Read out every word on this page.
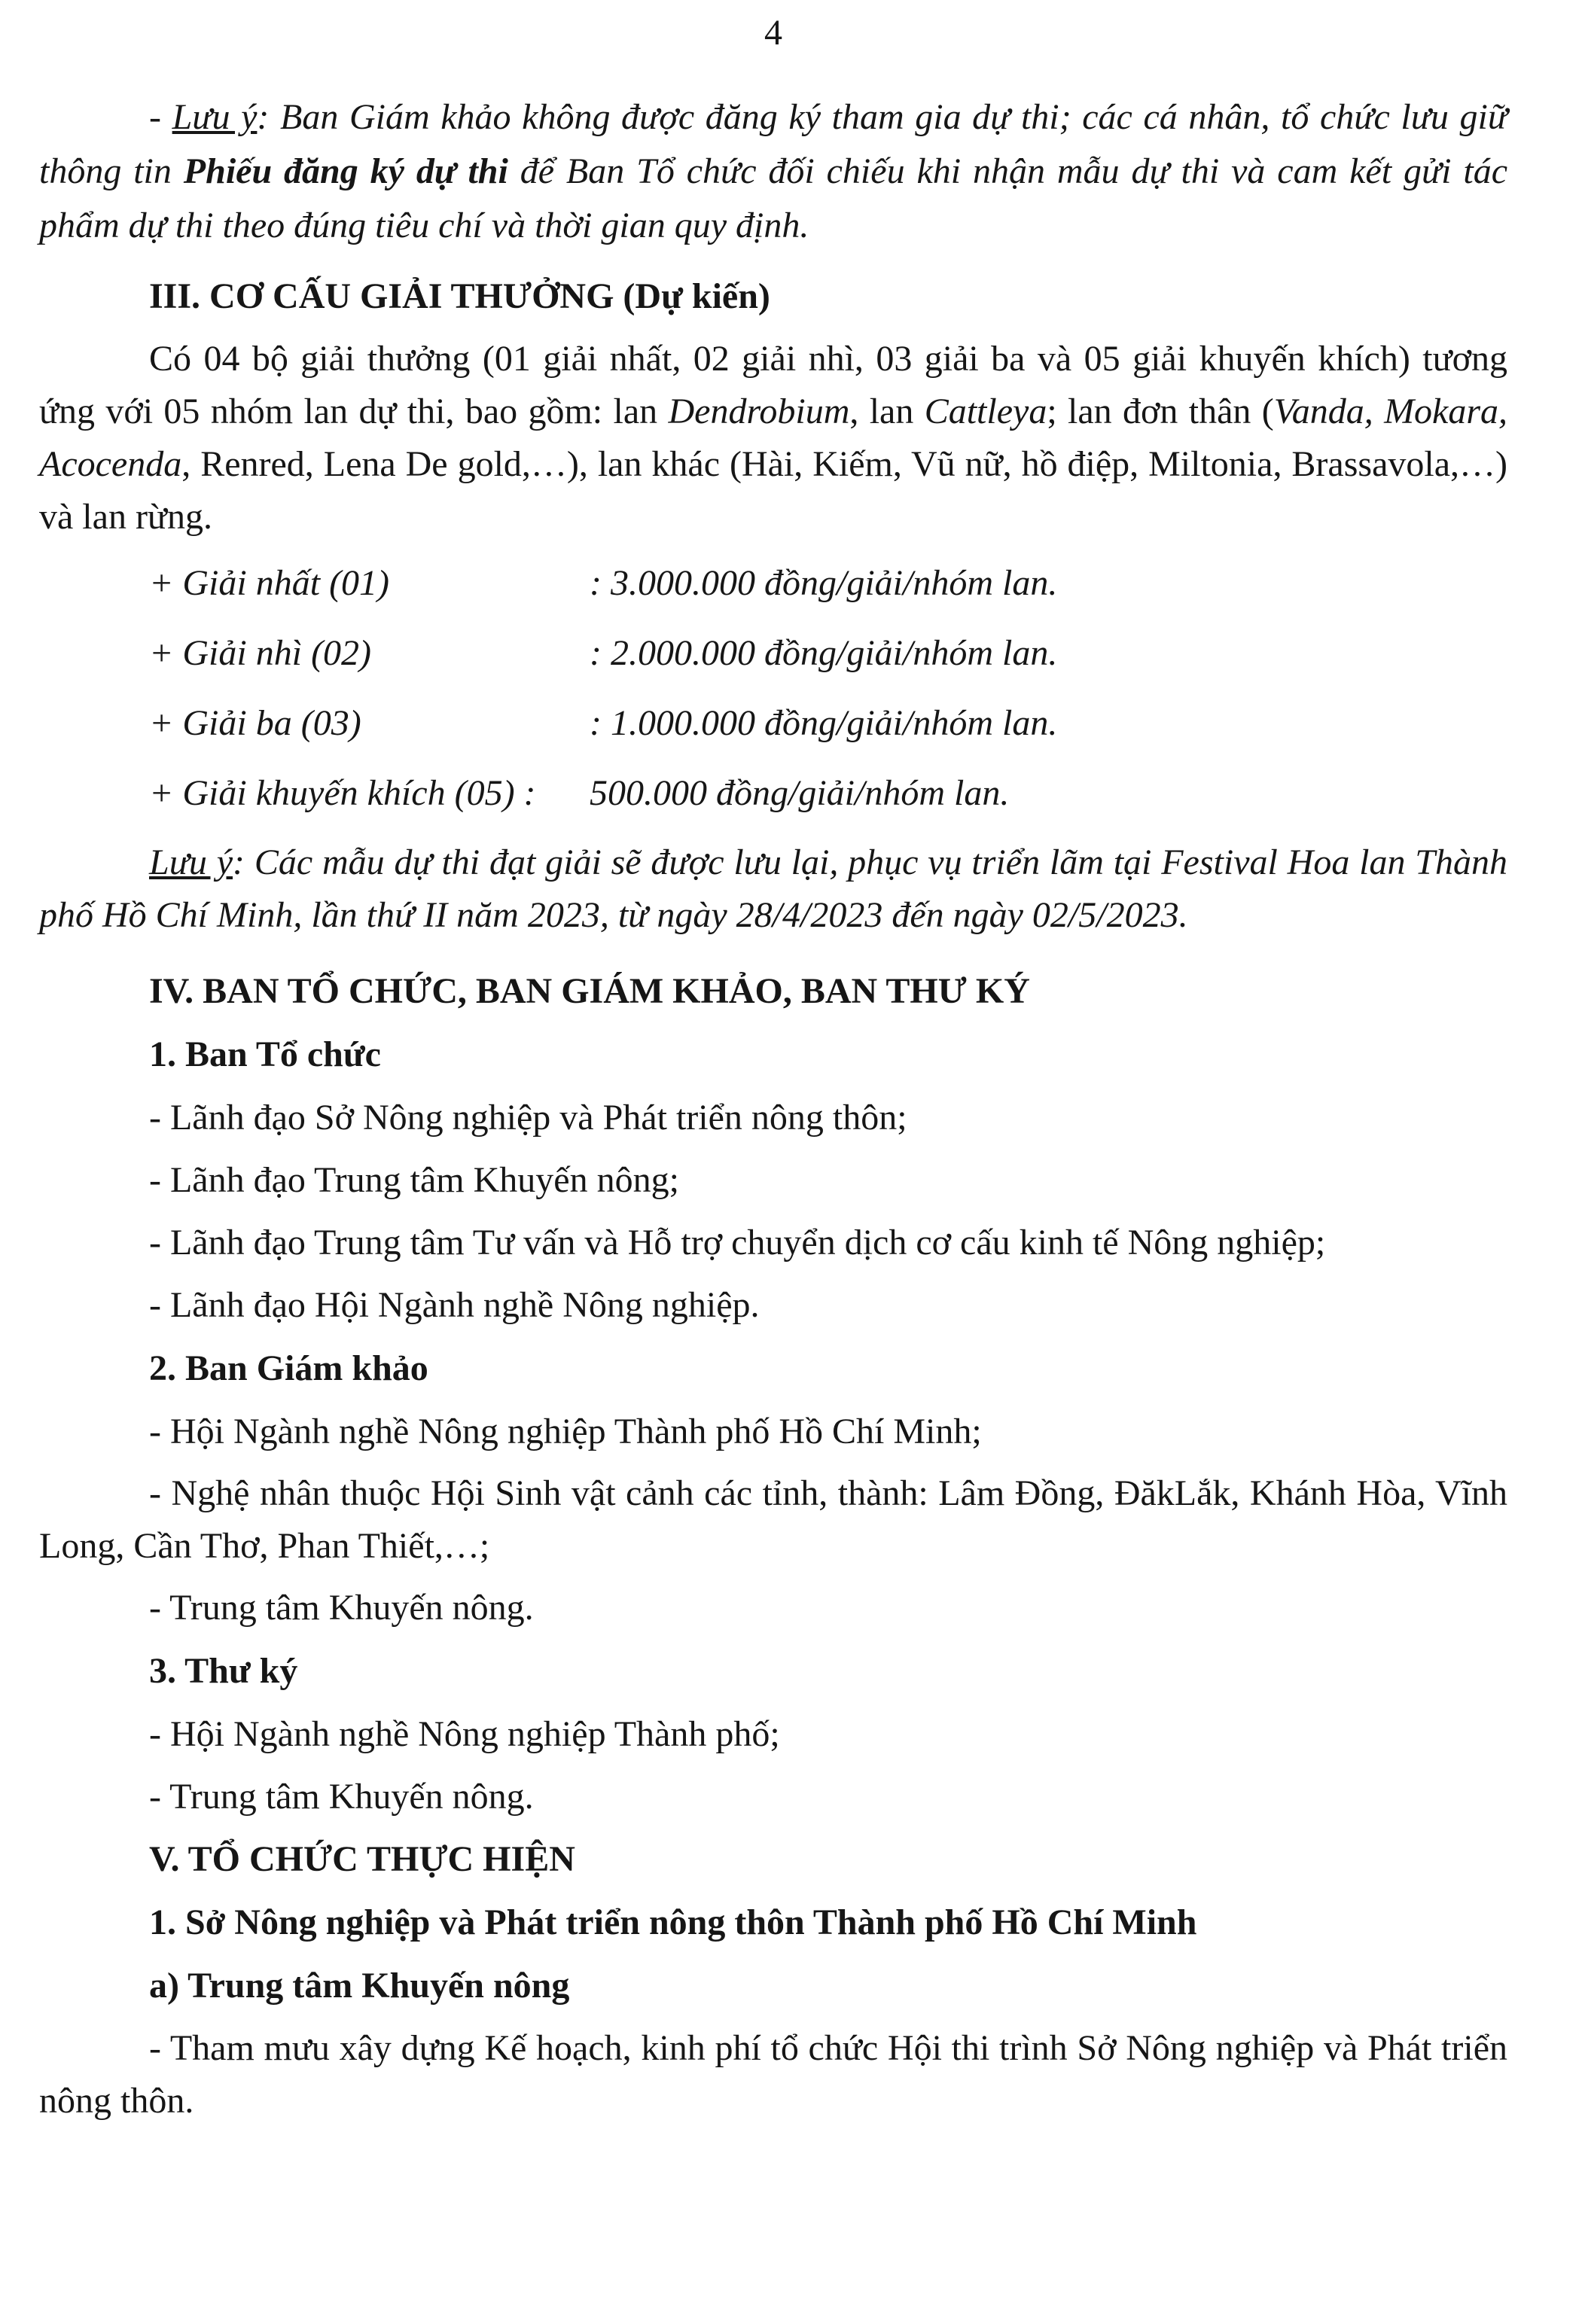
4

- Lưu ý: Ban Giám khảo không được đăng ký tham gia dự thi; các cá nhân, tổ chức lưu giữ thông tin Phiếu đăng ký dự thi để Ban Tổ chức đối chiếu khi nhận mẫu dự thi và cam kết gửi tác phẩm dự thi theo đúng tiêu chí và thời gian quy định.

III. CƠ CẤU GIẢI THƯỞNG (Dự kiến)

Có 04 bộ giải thưởng (01 giải nhất, 02 giải nhì, 03 giải ba và 05 giải khuyến khích) tương ứng với 05 nhóm lan dự thi, bao gồm: lan Dendrobium, lan Cattleya; lan đơn thân (Vanda, Mokara, Acocenda, Renred, Lena De gold,…), lan khác (Hài, Kiếm, Vũ nữ, hồ điệp, Miltonia, Brassavola,…) và lan rừng.

+ Giải nhất (01)	: 3.000.000 đồng/giải/nhóm lan.
+ Giải nhì (02)	: 2.000.000 đồng/giải/nhóm lan.
+ Giải ba (03)	: 1.000.000 đồng/giải/nhóm lan.
+ Giải khuyến khích (05) :	500.000 đồng/giải/nhóm lan.

Lưu ý: Các mẫu dự thi đạt giải sẽ được lưu lại, phục vụ triển lãm tại Festival Hoa lan Thành phố Hồ Chí Minh, lần thứ II năm 2023, từ ngày 28/4/2023 đến ngày 02/5/2023.

IV. BAN TỔ CHỨC, BAN GIÁM KHẢO, BAN THƯ KÝ

1. Ban Tổ chức

- Lãnh đạo Sở Nông nghiệp và Phát triển nông thôn;

- Lãnh đạo Trung tâm Khuyến nông;

- Lãnh đạo Trung tâm Tư vấn và Hỗ trợ chuyển dịch cơ cấu kinh tế Nông nghiệp;

- Lãnh đạo Hội Ngành nghề Nông nghiệp.

2. Ban Giám khảo

- Hội Ngành nghề Nông nghiệp Thành phố Hồ Chí Minh;

- Nghệ nhân thuộc Hội Sinh vật cảnh các tỉnh, thành: Lâm Đồng, ĐăkLắk, Khánh Hòa, Vĩnh Long, Cần Thơ, Phan Thiết,…;

- Trung tâm Khuyến nông.

3. Thư ký

- Hội Ngành nghề Nông nghiệp Thành phố;

- Trung tâm Khuyến nông.

V. TỔ CHỨC THỰC HIỆN

1. Sở Nông nghiệp và Phát triển nông thôn Thành phố Hồ Chí Minh

a) Trung tâm Khuyến nông

- Tham mưu xây dựng Kế hoạch, kinh phí tổ chức Hội thi trình Sở Nông nghiệp và Phát triển nông thôn.
